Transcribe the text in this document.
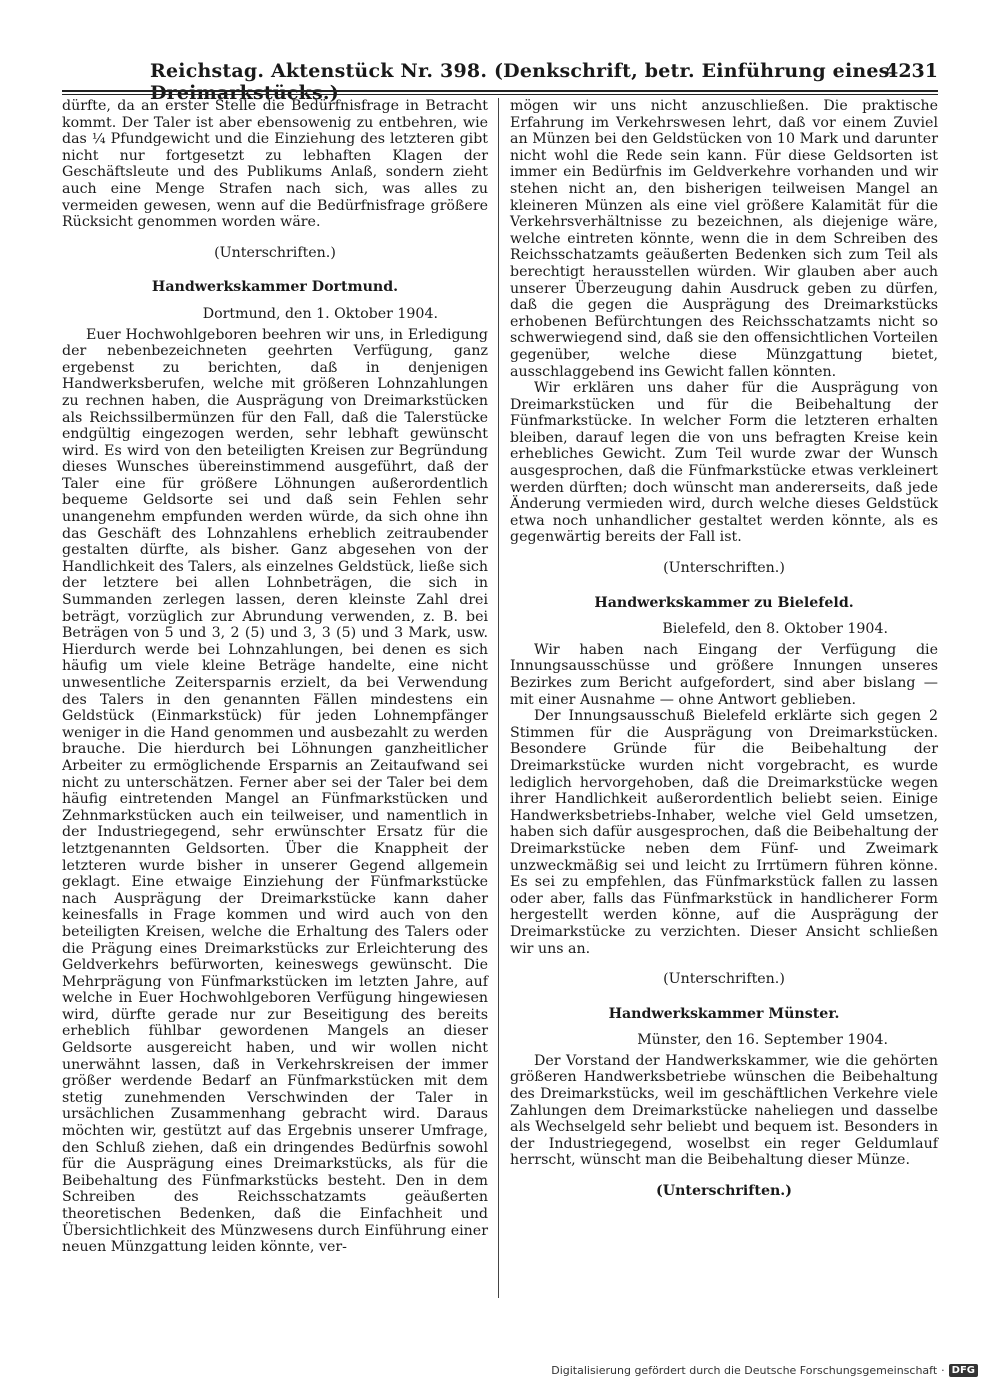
Reichstag. Aktenstück Nr. 398. (Denkschrift, betr. Einführung eines Dreimarkstücks.)
4231

dürfte, da an erster Stelle die Bedürfnisfrage in Betracht kommt. Der Taler ist aber ebensowenig zu entbehren, wie das ¼ Pfundgewicht und die Einziehung des letzteren gibt nicht nur fortgesetzt zu lebhaften Klagen der Geschäftsleute und des Publikums Anlaß, sondern zieht auch eine Menge Strafen nach sich, was alles zu vermeiden gewesen, wenn auf die Bedürfnisfrage größere Rücksicht genommen worden wäre.

(Unterschriften.)

Handwerkskammer Dortmund.

Dortmund, den 1. Oktober 1904.

Euer Hochwohlgeboren beehren wir uns, in Erledigung der nebenbezeichneten geehrten Verfügung, ganz ergebenst zu berichten, daß in denjenigen Handwerksberufen, welche mit größeren Lohnzahlungen zu rechnen haben, die Ausprägung von Dreimarkstücken als Reichssilbermünzen für den Fall, daß die Talerstücke endgültig eingezogen werden, sehr lebhaft gewünscht wird. Es wird von den beteiligten Kreisen zur Begründung dieses Wunsches übereinstimmend ausgeführt, daß der Taler eine für größere Löhnungen außerordentlich bequeme Geldsorte sei und daß sein Fehlen sehr unangenehm empfunden werden würde, da sich ohne ihn das Geschäft des Lohnzahlens erheblich zeitraubender gestalten dürfte, als bisher. Ganz abgesehen von der Handlichkeit des Talers, als einzelnes Geldstück, ließe sich der letztere bei allen Lohnbeträgen, die sich in Summanden zerlegen lassen, deren kleinste Zahl drei beträgt, vorzüglich zur Abrundung verwenden, z. B. bei Beträgen von 5 und 3, 2 (5) und 3, 3 (5) und 3 Mark, usw. Hierdurch werde bei Lohnzahlungen, bei denen es sich häufig um viele kleine Beträge handelte, eine nicht unwesentliche Zeitersparnis erzielt, da bei Verwendung des Talers in den genannten Fällen mindestens ein Geldstück (Einmarkstück) für jeden Lohnempfänger weniger in die Hand genommen und ausbezahlt zu werden brauche. Die hierdurch bei Löhnungen ganzheitlicher Arbeiter zu ermöglichende Ersparnis an Zeitaufwand sei nicht zu unterschätzen. Ferner aber sei der Taler bei dem häufig eintretenden Mangel an Fünfmarkstücken und Zehnmarkstücken auch ein teilweiser, und namentlich in der Industriegegend, sehr erwünschter Ersatz für die letztgenannten Geldsorten. Über die Knappheit der letzteren wurde bisher in unserer Gegend allgemein geklagt. Eine etwaige Einziehung der Fünfmarkstücke nach Ausprägung der Dreimarkstücke kann daher keinesfalls in Frage kommen und wird auch von den beteiligten Kreisen, welche die Erhaltung des Talers oder die Prägung eines Dreimarkstücks zur Erleichterung des Geldverkehrs befürworten, keineswegs gewünscht. Die Mehrprägung von Fünfmarkstücken im letzten Jahre, auf welche in Euer Hochwohlgeboren Verfügung hingewiesen wird, dürfte gerade nur zur Beseitigung des bereits erheblich fühlbar gewordenen Mangels an dieser Geldsorte ausgereicht haben, und wir wollen nicht unerwähnt lassen, daß in Verkehrskreisen der immer größer werdende Bedarf an Fünfmarkstücken mit dem stetig zunehmenden Verschwinden der Taler in ursächlichen Zusammenhang gebracht wird. Daraus möchten wir, gestützt auf das Ergebnis unserer Umfrage, den Schluß ziehen, daß ein dringendes Bedürfnis sowohl für die Ausprägung eines Dreimarkstücks, als für die Beibehaltung des Fünfmarkstücks besteht. Den in dem Schreiben des Reichsschatzamts geäußerten theoretischen Bedenken, daß die Einfachheit und Übersichtlichkeit des Münzwesens durch Einführung einer neuen Münzgattung leiden könnte, ver-

mögen wir uns nicht anzuschließen. Die praktische Erfahrung im Verkehrswesen lehrt, daß vor einem Zuviel an Münzen bei den Geldstücken von 10 Mark und darunter nicht wohl die Rede sein kann. Für diese Geldsorten ist immer ein Bedürfnis im Geldverkehre vorhanden und wir stehen nicht an, den bisherigen teilweisen Mangel an kleineren Münzen als eine viel größere Kalamität für die Verkehrsverhältnisse zu bezeichnen, als diejenige wäre, welche eintreten könnte, wenn die in dem Schreiben des Reichsschatzamts geäußerten Bedenken sich zum Teil als berechtigt herausstellen würden. Wir glauben aber auch unserer Überzeugung dahin Ausdruck geben zu dürfen, daß die gegen die Ausprägung des Dreimarkstücks erhobenen Befürchtungen des Reichsschatzamts nicht so schwerwiegend sind, daß sie den offensichtlichen Vorteilen gegenüber, welche diese Münzgattung bietet, ausschlaggebend ins Gewicht fallen könnten.

Wir erklären uns daher für die Ausprägung von Dreimarkstücken und für die Beibehaltung der Fünfmarkstücke. In welcher Form die letzteren erhalten bleiben, darauf legen die von uns befragten Kreise kein erhebliches Gewicht. Zum Teil wurde zwar der Wunsch ausgesprochen, daß die Fünfmarkstücke etwas verkleinert werden dürften; doch wünscht man andererseits, daß jede Änderung vermieden wird, durch welche dieses Geldstück etwa noch unhandlicher gestaltet werden könnte, als es gegenwärtig bereits der Fall ist.

(Unterschriften.)

Handwerkskammer zu Bielefeld.

Bielefeld, den 8. Oktober 1904.

Wir haben nach Eingang der Verfügung die Innungsausschüsse und größere Innungen unseres Bezirkes zum Bericht aufgefordert, sind aber bislang — mit einer Ausnahme — ohne Antwort geblieben.

Der Innungsausschuß Bielefeld erklärte sich gegen 2 Stimmen für die Ausprägung von Dreimarkstücken. Besondere Gründe für die Beibehaltung der Dreimarkstücke wurden nicht vorgebracht, es wurde lediglich hervorgehoben, daß die Dreimarkstücke wegen ihrer Handlichkeit außerordentlich beliebt seien. Einige Handwerksbetriebs-Inhaber, welche viel Geld umsetzen, haben sich dafür ausgesprochen, daß die Beibehaltung der Dreimarkstücke neben dem Fünf- und Zweimark unzweckmäßig sei und leicht zu Irrtümern führen könne. Es sei zu empfehlen, das Fünfmarkstück fallen zu lassen oder aber, falls das Fünfmarkstück in handlicherer Form hergestellt werden könne, auf die Ausprägung der Dreimarkstücke zu verzichten. Dieser Ansicht schließen wir uns an.

(Unterschriften.)

Handwerkskammer Münster.

Münster, den 16. September 1904.

Der Vorstand der Handwerkskammer, wie die gehörten größeren Handwerksbetriebe wünschen die Beibehaltung des Dreimarkstücks, weil im geschäftlichen Verkehre viele Zahlungen dem Dreimarkstücke naheliegen und dasselbe als Wechselgeld sehr beliebt und bequem ist. Besonders in der Industriegegend, woselbst ein reger Geldumlauf herrscht, wünscht man die Beibehaltung dieser Münze.

(Unterschriften.)

Digitalisierung gefördert durch die Deutsche Forschungsgemeinschaft · DFG
